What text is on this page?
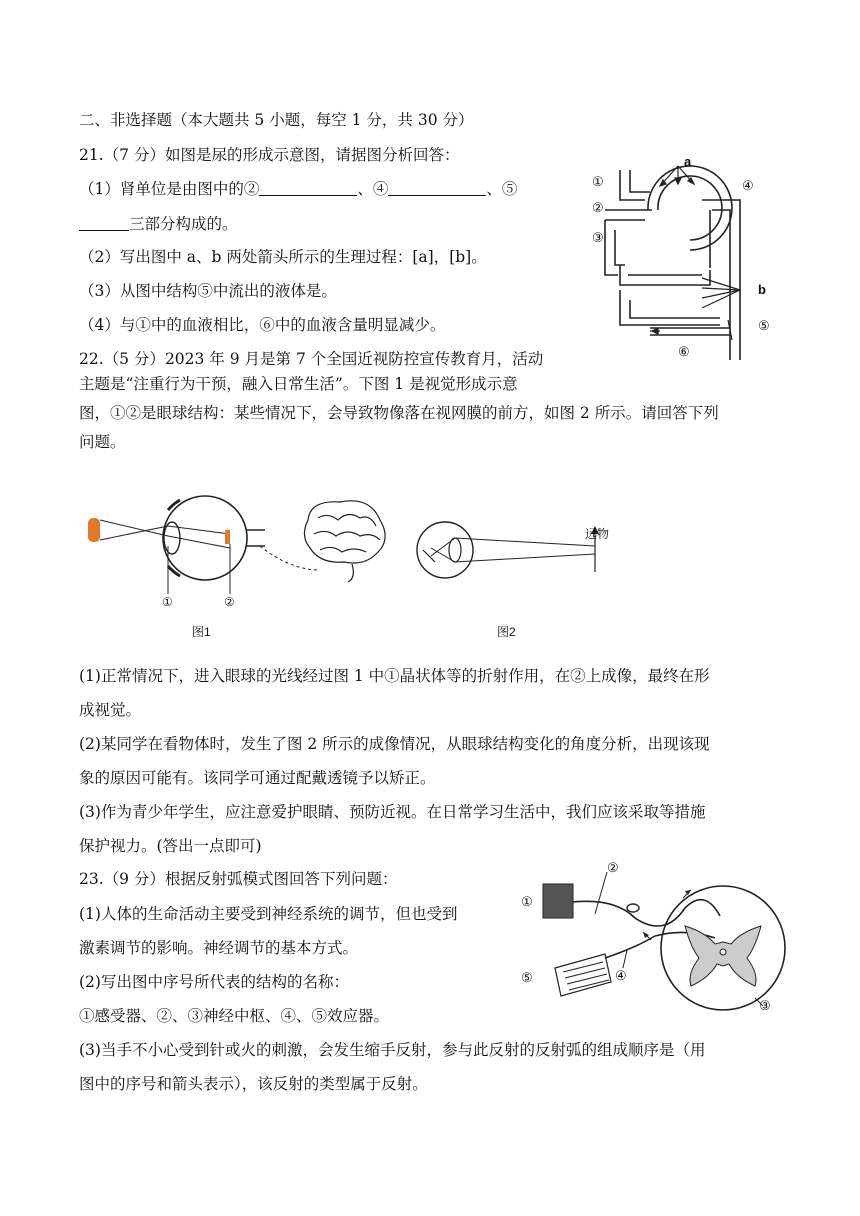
二、非选择题（本大题共 5 小题，每空 1 分，共 30 分）
21.（7 分）如图是尿的形成示意图，请据图分析回答：
（1）肾单位是由图中的②	、④	、⑤
三部分构成的。
（2）写出图中 a、b 两处箭头所示的生理过程：[a]，[b]。
（3）从图中结构⑤中流出的液体是。
（4）与①中的血液相比，⑥中的血液含量明显减少。
①
②
③
④
⑤
⑥
a
b
22.（5 分）2023 年 9 月是第 7 个全国近视防控宣传教育月，活动
主题是“注重行为干预，融入日常生活”。下图 1 是视觉形成示意
图，①②是眼球结构：某些情况下，会导致物像落在视网膜的前方，如图 2 所示。请回答下列
问题。
①	②
图1
远物
图2
(1)正常情况下，进入眼球的光线经过图 1 中①晶状体等的折射作用，在②上成像，最终在形
成视觉。
(2)某同学在看物体时，发生了图 2 所示的成像情况，从眼球结构变化的角度分析，出现该现
象的原因可能有。该同学可通过配戴透镜予以矫正。
(3)作为青少年学生，应注意爱护眼睛、预防近视。在日常学习生活中，我们应该采取等措施
保护视力。(答出一点即可)
23.（9 分）根据反射弧模式图回答下列问题：
(1)人体的生命活动主要受到神经系统的调节，但也受到
激素调节的影响。神经调节的基本方式。
(2)写出图中序号所代表的结构的名称：
①感受器、②、③神经中枢、④、⑤效应器。
(3)当手不小心受到针或火的刺激，会发生缩手反射，参与此反射的反射弧的组成顺序是（用
图中的序号和箭头表示），该反射的类型属于反射。
①
②
③
④
⑤
